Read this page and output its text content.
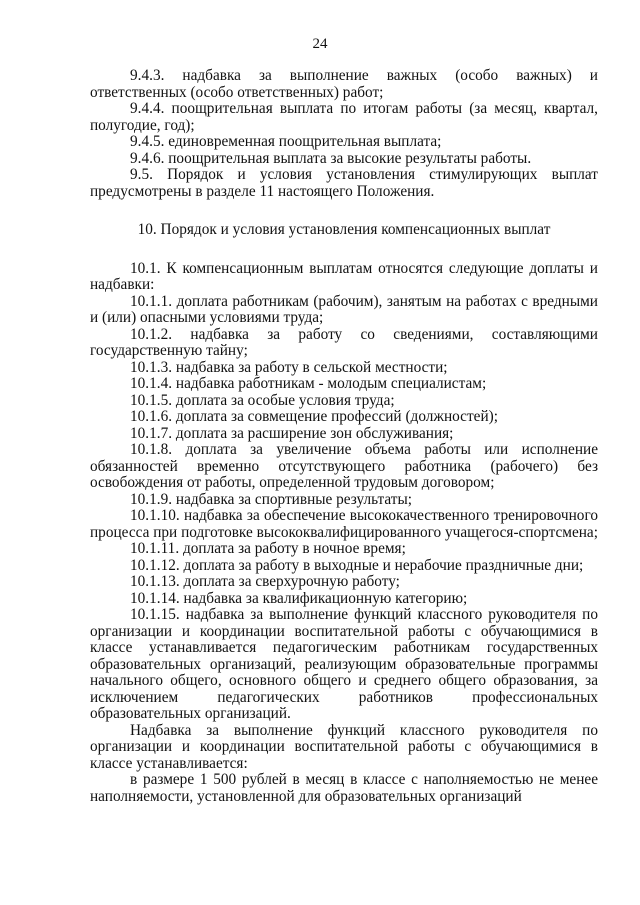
24

9.4.3. надбавка за выполнение важных (особо важных) и ответственных (особо ответственных) работ;

9.4.4. поощрительная выплата по итогам работы (за месяц, квартал, полугодие, год);

9.4.5. единовременная поощрительная выплата;

9.4.6. поощрительная выплата за высокие результаты работы.

9.5. Порядок и условия установления стимулирующих выплат предусмотрены в разделе 11 настоящего Положения.

10. Порядок и условия установления компенсационных выплат

10.1. К компенсационным выплатам относятся следующие доплаты и надбавки:

10.1.1. доплата работникам (рабочим), занятым на работах с вредными и (или) опасными условиями труда;

10.1.2. надбавка за работу со сведениями, составляющими государственную тайну;

10.1.3. надбавка за работу в сельской местности;

10.1.4. надбавка работникам - молодым специалистам;

10.1.5. доплата за особые условия труда;

10.1.6. доплата за совмещение профессий (должностей);

10.1.7. доплата за расширение зон обслуживания;

10.1.8. доплата за увеличение объема работы или исполнение обязанностей временно отсутствующего работника (рабочего) без освобождения от работы, определенной трудовым договором;

10.1.9. надбавка за спортивные результаты;

10.1.10. надбавка за обеспечение высококачественного тренировочного процесса при подготовке высококвалифицированного учащегося-спортсмена;

10.1.11. доплата за работу в ночное время;

10.1.12. доплата за работу в выходные и нерабочие праздничные дни;

10.1.13. доплата за сверхурочную работу;

10.1.14. надбавка за квалификационную категорию;

10.1.15. надбавка за выполнение функций классного руководителя по организации и координации воспитательной работы с обучающимися в классе устанавливается педагогическим работникам государственных образовательных организаций, реализующим образовательные программы начального общего, основного общего и среднего общего образования, за исключением педагогических работников профессиональных образовательных организаций.

Надбавка за выполнение функций классного руководителя по организации и координации воспитательной работы с обучающимися в классе устанавливается:

в размере 1 500 рублей в месяц в классе с наполняемостью не менее наполняемости, установленной для образовательных организаций
